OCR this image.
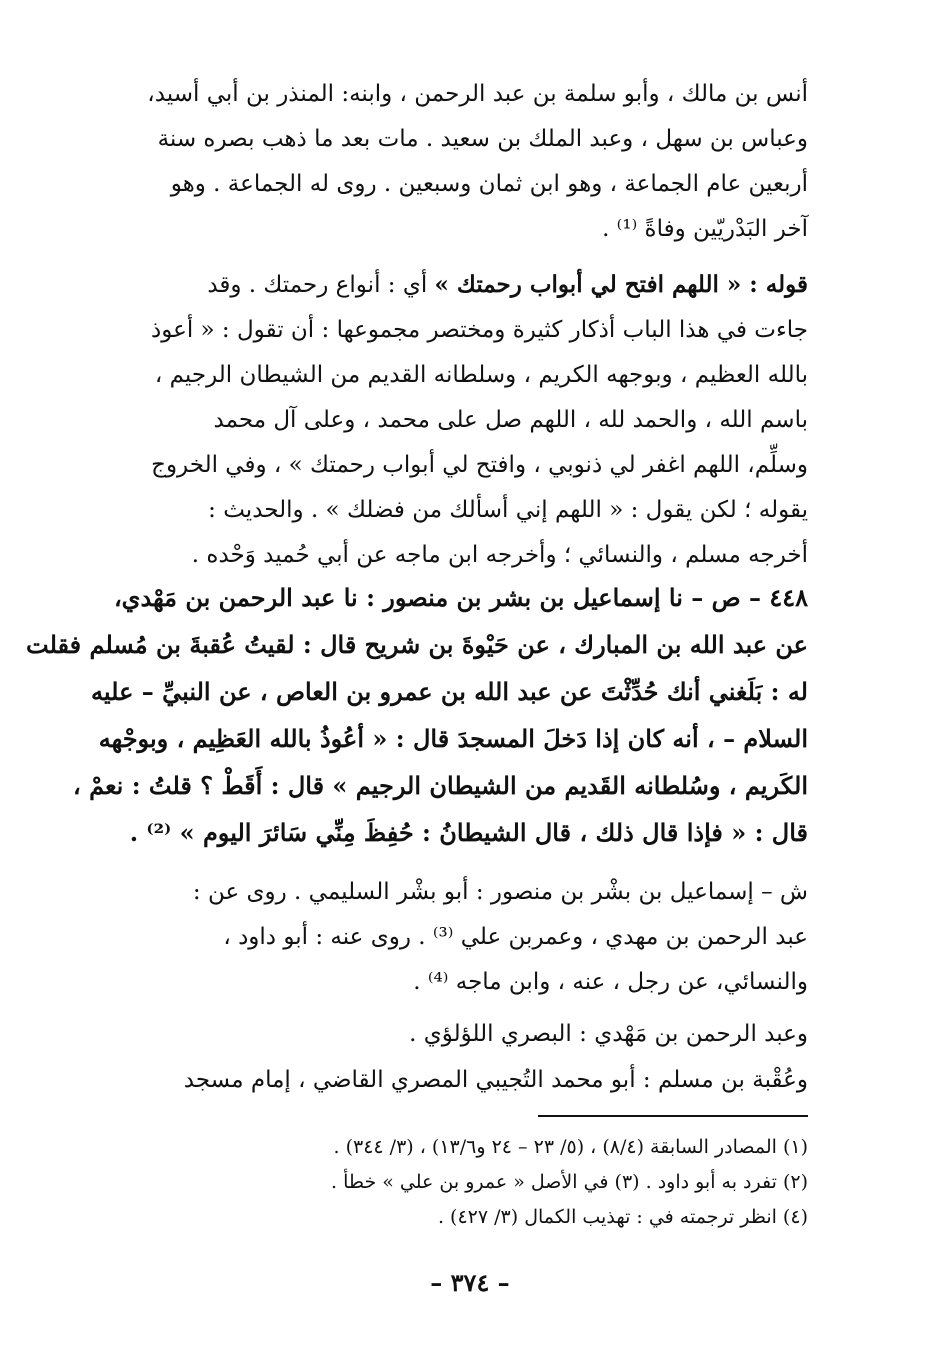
أنس بن مالك ، وأبو سلمة بن عبد الرحمن ، وابنه: المنذر بن أبي أسيد،
وعباس بن سهل ، وعبد الملك بن سعيد . مات بعد ما ذهب بصره سنة
أربعين عام الجماعة ، وهو ابن ثمان وسبعين . روى له الجماعة . وهو
آخر البَدْريّين وفاةً ⁽¹⁾ .
قوله : « اللهم افتح لي أبواب رحمتك » أي : أنواع رحمتك . وقد
جاءت في هذا الباب أذكار كثيرة ومختصر مجموعها : أن تقول : « أعوذ
بالله العظيم ، وبوجهه الكريم ، وسلطانه القديم من الشيطان الرجيم ،
باسم الله ، والحمد لله ، اللهم صل على محمد ، وعلى آل محمد
وسلِّم، اللهم اغفر لي ذنوبي ، وافتح لي أبواب رحمتك » ، وفي الخروج
يقوله ؛ لكن يقول : « اللهم إني أسألك من فضلك » . والحديث :
أخرجه مسلم ، والنسائي ؛ وأخرجه ابن ماجه عن أبي حُميد وَحْده .
٤٤٨ – ص – نا إسماعيل بن بشر بن منصور : نا عبد الرحمن بن مَهْدي،
عن عبد الله بن المبارك ، عن حَيْوةَ بن شريح قال : لقيتُ عُقبةَ بن مُسلم فقلت
له : بَلَغني أنك حُدِّثْتَ عن عبد الله بن عمرو بن العاص ، عن النبيِّ – عليه
السلام – ، أنه كان إذا دَخلَ المسجدَ قال : « أعُوذُ بالله العَظِيم ، وبوجْهه
الكَريم ، وسُلطانه القَديم من الشيطان الرجيم » قال : أَقَطْ ؟ قلتُ : نعمْ ،
قال : « فإذا قال ذلك ، قال الشيطانُ : حُفِظَ مِنِّي سَائرَ اليوم » ⁽²⁾ .
ش – إسماعيل بن بشْر بن منصور : أبو بشْر السليمي . روى عن :
عبد الرحمن بن مهدي ، وعمربن علي ⁽³⁾ . روى عنه : أبو داود ،
والنسائي، عن رجل ، عنه ، وابن ماجه ⁽⁴⁾ .
وعبد الرحمن بن مَهْدي : البصري اللؤلؤي .
وعُقْبة بن مسلم : أبو محمد التُجيبي المصري القاضي ، إمام مسجد
(١) المصادر السابقة (٨/٤) ، (٥/ ٢٣ – ٢٤ و١٣/٦) ، (٣/ ٣٤٤) .
(٢) تفرد به أبو داود . (٣) في الأصل « عمرو بن علي » خطأ .
(٤) انظر ترجمته في : تهذيب الكمال (٣/ ٤٢٧) .
– ٣٧٤ –
